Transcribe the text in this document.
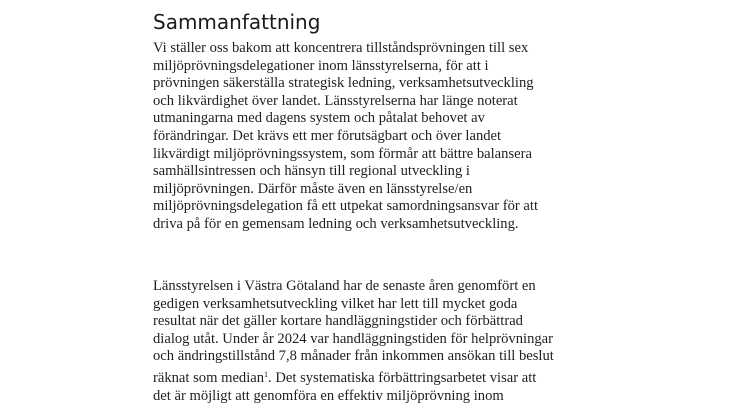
Sammanfattning
Vi ställer oss bakom att koncentrera tillståndsprövningen till sex
miljöprövningsdelegationer inom länsstyrelserna, för att i
prövningen säkerställa strategisk ledning, verksamhetsutveckling
och likvärdighet över landet. Länsstyrelserna har länge noterat
utmaningarna med dagens system och påtalat behovet av
förändringar. Det krävs ett mer förutsägbart och över landet
likvärdigt miljöprövningssystem, som förmår att bättre balansera
samhällsintressen och hänsyn till regional utveckling i
miljöprövningen. Därför måste även en länsstyrelse/en
miljöprövningsdelegation få ett utpekat samordningsansvar för att
driva på för en gemensam ledning och verksamhetsutveckling.
Länsstyrelsen i Västra Götaland har de senaste åren genomfört en
gedigen verksamhetsutveckling vilket har lett till mycket goda
resultat när det gäller kortare handläggningstider och förbättrad
dialog utåt. Under år 2024 var handläggningstiden för helprövningar
och ändringstillstånd 7,8 månader från inkommen ansökan till beslut
räknat som median$^1$. Det systematiska förbättringsarbetet visar att
det är möjligt att genomföra en effektiv miljöprövning inom
